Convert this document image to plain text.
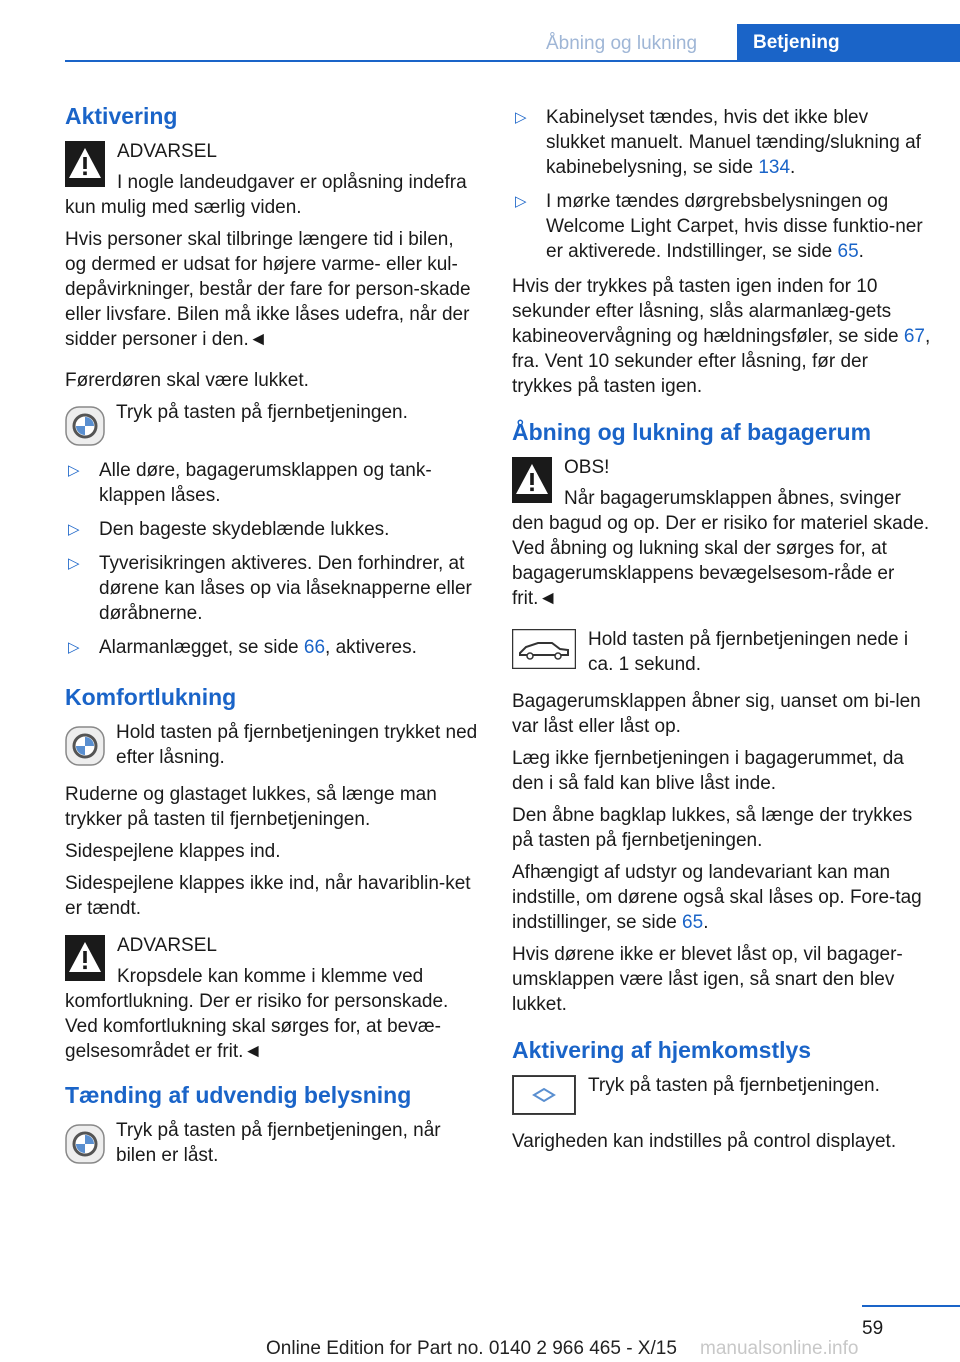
Åbning og lukning	Betjening
Aktivering

ADVARSEL

I nogle landeudgaver er oplåsning indefra kun mulig med særlig viden.

Hvis personer skal tilbringe længere tid i bilen, og dermed er udsat for højere varme- eller kul-depåvirkninger, består der fare for person-skade eller livsfare. Bilen må ikke låses udefra, når der sidder personer i den.◄

Førerdøren skal være lukket.

Tryk på tasten på fjernbetjeningen.

▷ Alle døre, bagagerumsklappen og tank-klappen låses.
▷ Den bageste skydeblænde lukkes.
▷ Tyverisikringen aktiveres. Den forhindrer, at dørene kan låses op via låseknapperne eller døråbnerne.
▷ Alarmanlægget, se side 66, aktiveres.
Komfortlukning

Hold tasten på fjernbetjeningen trykket ned efter låsning.

Ruderne og glastaget lukkes, så længe man trykker på tasten til fjernbetjeningen.

Sidespejlene klappes ind.

Sidespejlene klappes ikke ind, når havariblin-ket er tændt.

ADVARSEL

Kropsdele kan komme i klemme ved komfortlukning. Der er risiko for personskade. Ved komfortlukning skal sørges for, at bevæ-gelsesområdet er frit.◄

Tænding af udvendig belysning

Tryk på tasten på fjernbetjeningen, når bilen er låst.

▷ Kabinelyset tændes, hvis det ikke blev slukket manuelt. Manuel tænding/slukning af kabinebelysning, se side 134.
▷ I mørke tændes dørgrebsbelysningen og Welcome Light Carpet, hvis disse funktio-ner er aktiverede. Indstillinger, se side 65.

Hvis der trykkes på tasten igen inden for 10 sekunder efter låsning, slås alarmanlæg-gets kabineovervågning og hældningsføler, se side 67, fra. Vent 10 sekunder efter låsning, før der trykkes på tasten igen.

Åbning og lukning af bagagerum

OBS!

Når bagagerumsklappen åbnes, svinger den bagud og op. Der er risiko for materiel skade. Ved åbning og lukning skal der sørges for, at bagagerumsklappens bevægelsesom-råde er frit.◄

Hold tasten på fjernbetjeningen nede i ca. 1 sekund.

Bagagerumsklappen åbner sig, uanset om bi-len var låst eller låst op.

Læg ikke fjernbetjeningen i bagagerummet, da den i så fald kan blive låst inde.

Den åbne bagklap lukkes, så længe der trykkes på tasten på fjernbetjeningen.

Afhængigt af udstyr og landevariant kan man indstille, om dørene også skal låses op. Fore-tag indstillinger, se side 65.

Hvis dørene ikke er blevet låst op, vil bagager-umsklappen være låst igen, så snart den blev lukket.

Aktivering af hjemkomstlys

Tryk på tasten på fjernbetjeningen.

Varigheden kan indstilles på control displayet.

59
Online Edition for Part no. 0140 2 966 465 - X/15 manualsonline.info
